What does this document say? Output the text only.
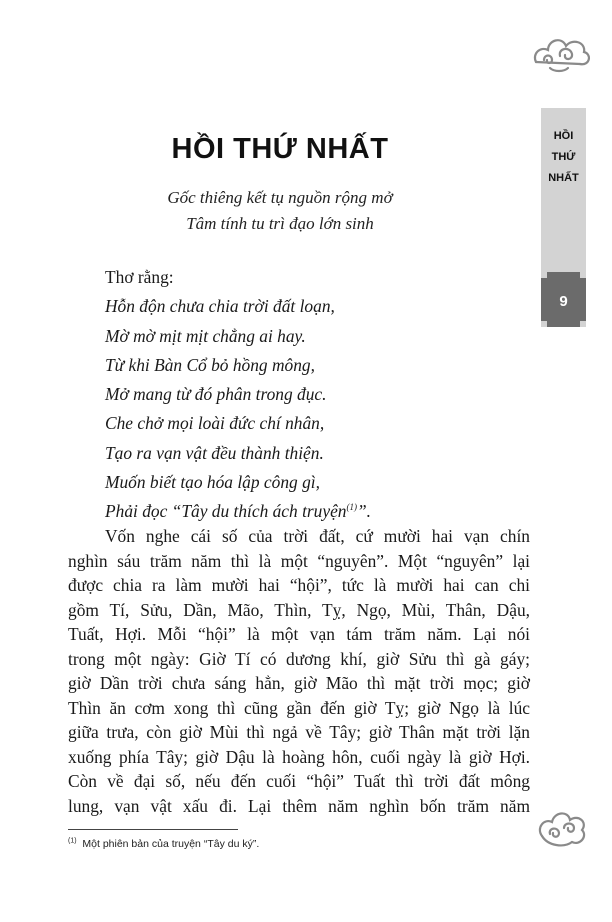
HỒI
THỨ
NHẤT
9
HỒI THỨ NHẤT
Gốc thiêng kết tụ nguồn rộng mở
Tâm tính tu trì đạo lớn sinh
Thơ rằng:
Hỗn độn chưa chia trời đất loạn,
Mờ mờ mịt mịt chẳng ai hay.
Từ khi Bàn Cổ bỏ hồng mông,
Mở mang từ đó phân trong đục.
Che chở mọi loài đức chí nhân,
Tạo ra vạn vật đều thành thiện.
Muốn biết tạo hóa lập công gì,
Phải đọc “Tây du thích ách truyện$^{(1)}$”.
Vốn nghe cái số của trời đất, cứ mười hai vạn chín
nghìn sáu trăm năm thì là một “nguyên”. Một “nguyên” lại
được chia ra làm mười hai “hội”, tức là mười hai can chi
gồm Tí, Sửu, Dần, Mão, Thìn, Tỵ, Ngọ, Mùi, Thân, Dậu,
Tuất, Hợi. Mỗi “hội” là một vạn tám trăm năm. Lại nói
trong một ngày: Giờ Tí có dương khí, giờ Sửu thì gà gáy;
giờ Dần trời chưa sáng hẳn, giờ Mão thì mặt trời mọc; giờ
Thìn ăn cơm xong thì cũng gần đến giờ Tỵ; giờ Ngọ là lúc
giữa trưa, còn giờ Mùi thì ngả về Tây; giờ Thân mặt trời lặn
xuống phía Tây; giờ Dậu là hoàng hôn, cuối ngày là giờ Hợi.
Còn về đại số, nếu đến cuối “hội” Tuất thì trời đất mông
lung, vạn vật xấu đi. Lại thêm năm nghìn bốn trăm năm
$^{(1)}$ Một phiên bản của truyện “Tây du ký”.
